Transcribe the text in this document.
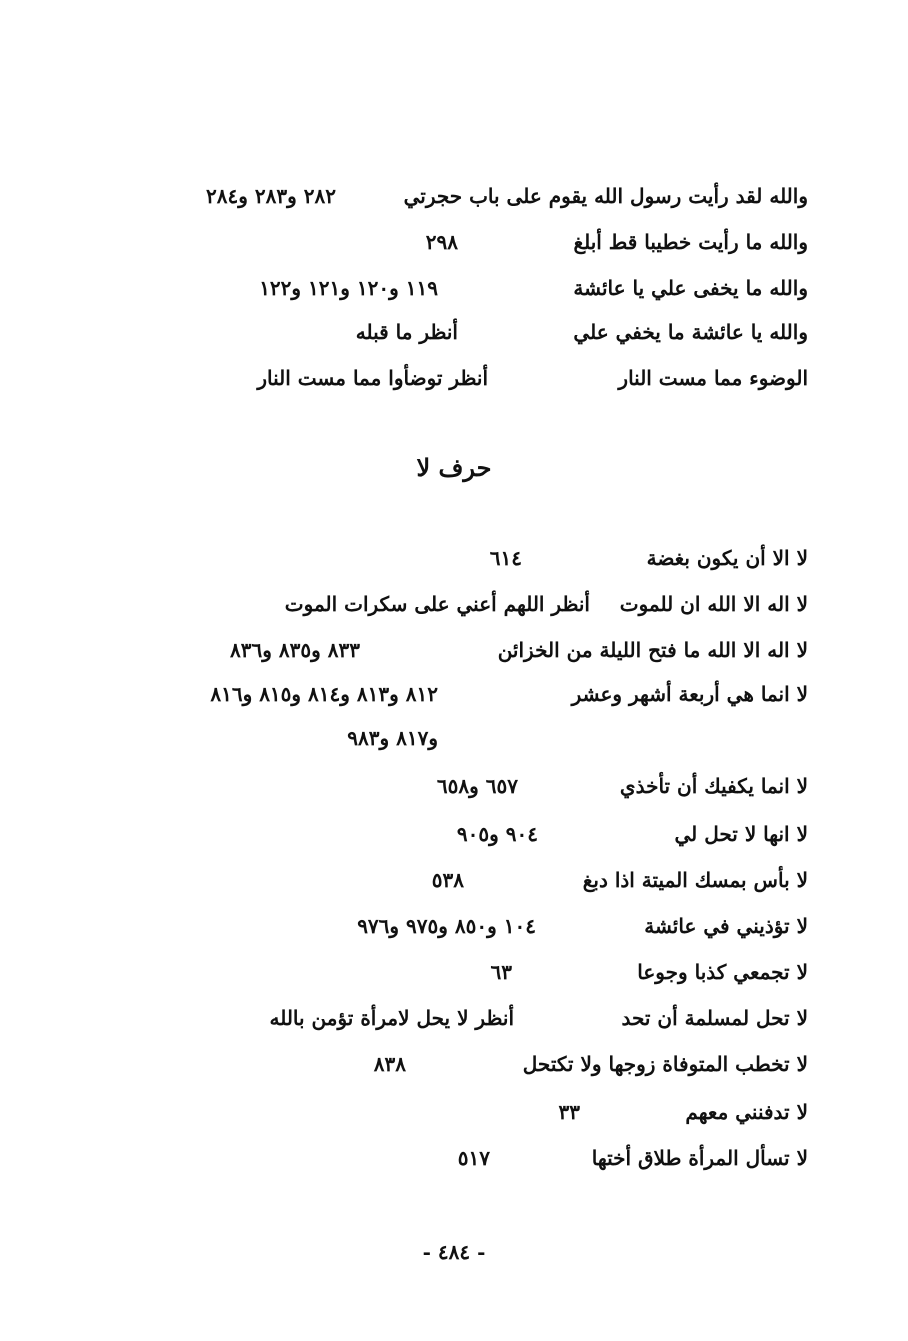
والله لقد رأيت رسول الله يقوم على باب حجرتي
٢٨٢ و٢٨٣ و٢٨٤
والله ما رأيت خطيبا قط أبلغ
٢٩٨
والله ما يخفى علي يا عائشة
١١٩ و١٢٠ و١٢١ و١٢٢
والله يا عائشة ما يخفي علي
أنظر ما قبله
الوضوء مما مست النار
أنظر توضأوا مما مست النار
حرف لا
لا الا أن يكون بغضة
٦١٤
لا اله الا الله ان للموت
أنظر اللهم أعني على سكرات الموت
لا اله الا الله ما فتح الليلة من الخزائن
٨٣٣ و٨٣٥ و٨٣٦
لا انما هي أربعة أشهر وعشر
٨١٢ و٨١٣ و٨١٤ و٨١٥ و٨١٦
و٨١٧ و٩٨٣
لا انما يكفيك أن تأخذي
٦٥٧ و٦٥٨
لا انها لا تحل لي
٩٠٤ و٩٠٥
لا بأس بمسك الميتة اذا دبغ
٥٣٨
لا تؤذيني في عائشة
١٠٤ و٨٥٠ و٩٧٥ و٩٧٦
لا تجمعي كذبا وجوعا
٦٣
لا تحل لمسلمة أن تحد
أنظر لا يحل لامرأة تؤمن بالله
لا تخطب المتوفاة زوجها ولا تكتحل
٨٣٨
لا تدفنني معهم
٣٣
لا تسأل المرأة طلاق أختها
٥١٧
- ٤٨٤ -
